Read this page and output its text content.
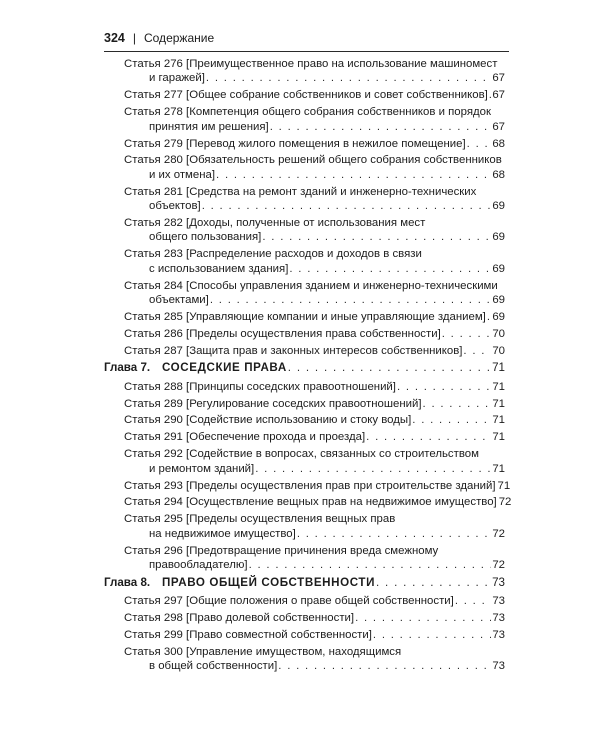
324 | Содержание
Статья 276 [Преимущественное право на использование машиномест
и гаражей] . . .	67
Статья 277 [Общее собрание собственников и совет собственников] . . . 67
Статья 278 [Компетенция общего собрания собственников и порядок
принятия им решения] . . .	67
Статья 279 [Перевод жилого помещения в нежилое помещение] . . . 68
Статья 280 [Обязательность решений общего собрания собственников
и их отмена] . . .	68
Статья 281 [Средства на ремонт зданий и инженерно-технических
объектов] . . .	69
Статья 282 [Доходы, полученные от использования мест
общего пользования] . . .	69
Статья 283 [Распределение расходов и доходов в связи
с использованием здания] . . .	69
Статья 284 [Способы управления зданием и инженерно-техническими
объектами] . . .	69
Статья 285 [Управляющие компании и иные управляющие зданием] . . . 69
Статья 286 [Пределы осуществления права собственности] . . .	70
Статья 287 [Защита прав и законных интересов собственников] . . .	70
Глава 7.	СОСЕДСКИЕ ПРАВА . . .	71
Статья 288 [Принципы соседских правоотношений] . . .	71
Статья 289 [Регулирование соседских правоотношений] . . .	71
Статья 290 [Содействие использованию и стоку воды] . . .	71
Статья 291 [Обеспечение прохода и проезда] . . .	71
Статья 292 [Содействие в вопросах, связанных со строительством
и ремонтом зданий] . . .	71
Статья 293 [Пределы осуществления прав при строительстве зданий] 71
Статья 294 [Осуществление вещных прав на недвижимое имущество] 72
Статья 295 [Пределы осуществления вещных прав
на недвижимое имущество] . . .	72
Статья 296 [Предотвращение причинения вреда смежному
правообладателю] . . .	72
Глава 8.	ПРАВО ОБЩЕЙ СОБСТВЕННОСТИ . . .	73
Статья 297 [Общие положения о праве общей собственности] . . .	73
Статья 298 [Право долевой собственности] . . .	73
Статья 299 [Право совместной собственности] . . .	73
Статья 300 [Управление имуществом, находящимся
в общей собственности] . . .	73
